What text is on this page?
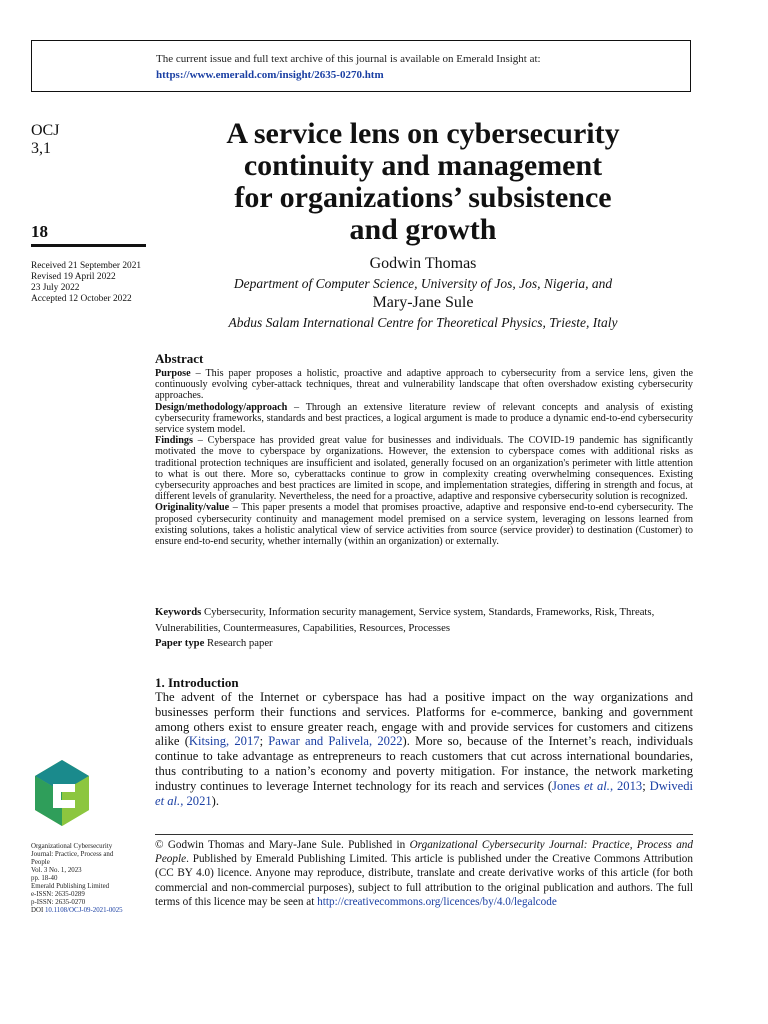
The current issue and full text archive of this journal is available on Emerald Insight at:
https://www.emerald.com/insight/2635-0270.htm
OCJ
3,1
18
Received 21 September 2021
Revised 19 April 2022
23 July 2022
Accepted 12 October 2022
Organizational Cybersecurity
Journal: Practice, Process and
People
Vol. 3 No. 1, 2023
pp. 18-40
Emerald Publishing Limited
e-ISSN: 2635-0289
p-ISSN: 2635-0270
DOI 10.1108/OCJ-09-2021-0025
A service lens on cybersecurity
continuity and management
for organizations’ subsistence
and growth
Godwin Thomas
Department of Computer Science, University of Jos, Jos, Nigeria, and
Mary-Jane Sule
Abdus Salam International Centre for Theoretical Physics, Trieste, Italy
Abstract

Purpose – This paper proposes a holistic, proactive and adaptive approach to cybersecurity from a service lens, given the continuously evolving cyber-attack techniques, threat and vulnerability landscape that often overshadow existing cybersecurity approaches.

Design/methodology/approach – Through an extensive literature review of relevant concepts and analysis of existing cybersecurity frameworks, standards and best practices, a logical argument is made to produce a dynamic end-to-end cybersecurity service system model.

Findings – Cyberspace has provided great value for businesses and individuals. The COVID-19 pandemic has significantly motivated the move to cyberspace by organizations. However, the extension to cyberspace comes with additional risks as traditional protection techniques are insufficient and isolated, generally focused on an organization's perimeter with little attention to what is out there. More so, cyberattacks continue to grow in complexity creating overwhelming consequences. Existing cybersecurity approaches and best practices are limited in scope, and implementation strategies, differing in strength and focus, at different levels of granularity. Nevertheless, the need for a proactive, adaptive and responsive cybersecurity solution is recognized.

Originality/value – This paper presents a model that promises proactive, adaptive and responsive end-to-end cybersecurity. The proposed cybersecurity continuity and management model premised on a service system, leveraging on lessons learned from existing solutions, takes a holistic analytical view of service activities from source (service provider) to destination (Customer) to ensure end-to-end security, whether internally (within an organization) or externally.

Keywords Cybersecurity, Information security management, Service system, Standards, Frameworks, Risk, Threats, Vulnerabilities, Countermeasures, Capabilities, Resources, Processes

Paper type Research paper

1. Introduction

The advent of the Internet or cyberspace has had a positive impact on the way organizations and businesses perform their functions and services. Platforms for e-commerce, banking and government among others exist to ensure greater reach, engage with and provide services for customers and citizens alike (Kitsing, 2017; Pawar and Palivela, 2022). More so, because of the Internet’s reach, individuals continue to take advantage as entrepreneurs to reach customers that cut across international boundaries, thus contributing to a nation’s economy and poverty mitigation. For instance, the network marketing industry continues to leverage Internet technology for its reach and services (Jones et al., 2013; Dwivedi et al., 2021).

© Godwin Thomas and Mary-Jane Sule. Published in Organizational Cybersecurity Journal: Practice, Process and People. Published by Emerald Publishing Limited. This article is published under the Creative Commons Attribution (CC BY 4.0) licence. Anyone may reproduce, distribute, translate and create derivative works of this article (for both commercial and non-commercial purposes), subject to full attribution to the original publication and authors. The full terms of this licence may be seen at http://creativecommons.org/licences/by/4.0/legalcode
